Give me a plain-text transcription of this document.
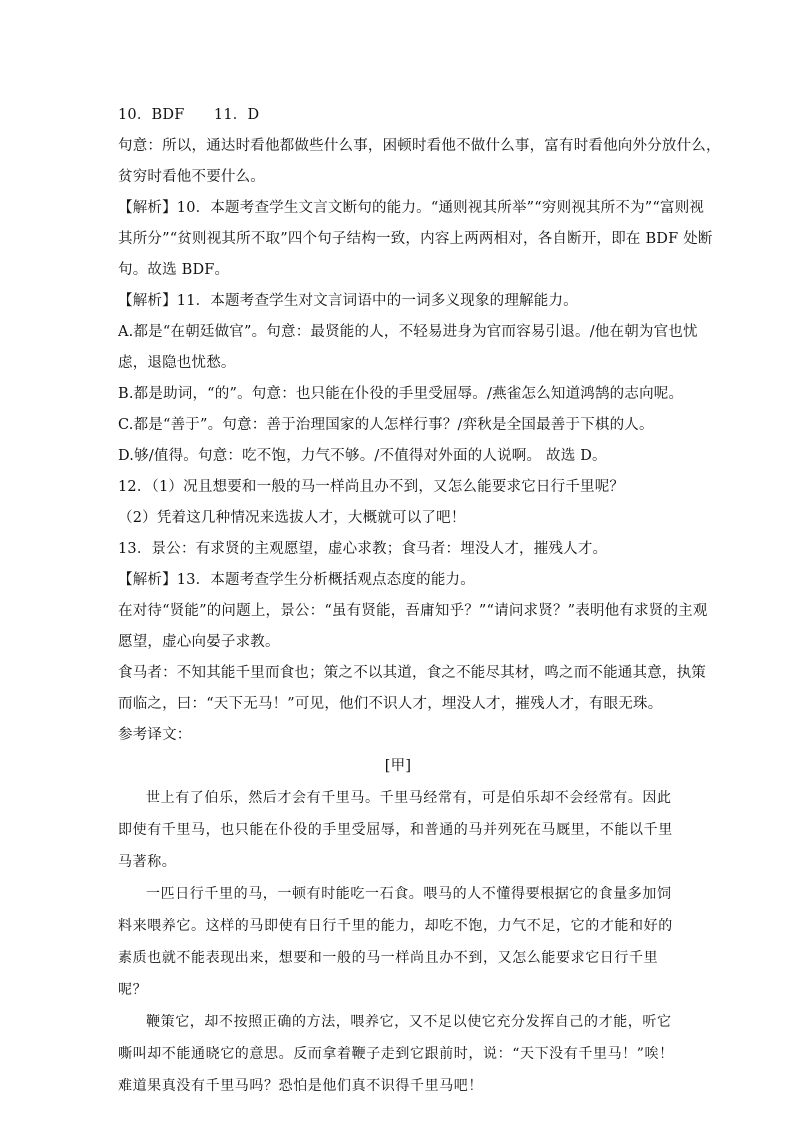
10．BDF　　11．D
句意：所以，通达时看他都做些什么事，困顿时看他不做什么事，富有时看他向外分放什么，
贫穷时看他不要什么。
【解析】10．本题考查学生文言文断句的能力。“通则视其所举”“穷则视其所不为”“富则视
其所分”“贫则视其所不取”四个句子结构一致，内容上两两相对，各自断开，即在 BDF 处断
句。故选 BDF。
【解析】11．本题考查学生对文言词语中的一词多义现象的理解能力。
A.都是“在朝廷做官”。句意：最贤能的人，不轻易进身为官而容易引退。/他在朝为官也忧
虑，退隐也忧愁。
B.都是助词，“的”。句意：也只能在仆役的手里受屈辱。/燕雀怎么知道鸿鹄的志向呢。
C.都是“善于”。句意：善于治理国家的人怎样行事？/弈秋是全国最善于下棋的人。
D.够/值得。句意：吃不饱，力气不够。/不值得对外面的人说啊。 故选 D。
12．（1）况且想要和一般的马一样尚且办不到，又怎么能要求它日行千里呢？
（2）凭着这几种情况来选拔人才，大概就可以了吧！
13．景公：有求贤的主观愿望，虚心求教；食马者：埋没人才，摧残人才。
【解析】13．本题考查学生分析概括观点态度的能力。
在对待“贤能”的问题上，景公：“虽有贤能，吾庸知乎？”“请问求贤？”表明他有求贤的主观
愿望，虚心向晏子求教。
食马者：不知其能千里而食也；策之不以其道，食之不能尽其材，鸣之而不能通其意，执策
而临之，曰：“天下无马！”可见，他们不识人才，埋没人才，摧残人才，有眼无珠。
参考译文：
[甲]
世上有了伯乐，然后才会有千里马。千里马经常有，可是伯乐却不会经常有。因此即使有千里马，也只能在仆役的手里受屈辱，和普通的马并列死在马厩里，不能以千里马著称。
一匹日行千里的马，一顿有时能吃一石食。喂马的人不懂得要根据它的食量多加饲料来喂养它。这样的马即使有日行千里的能力，却吃不饱，力气不足，它的才能和好的素质也就不能表现出来，想要和一般的马一样尚且办不到，又怎么能要求它日行千里呢？
鞭策它，却不按照正确的方法，喂养它，又不足以使它充分发挥自己的才能，听它嘶叫却不能通晓它的意思。反而拿着鞭子走到它跟前时，说：“天下没有千里马！”唉！难道果真没有千里马吗？恐怕是他们真不识得千里马吧！
